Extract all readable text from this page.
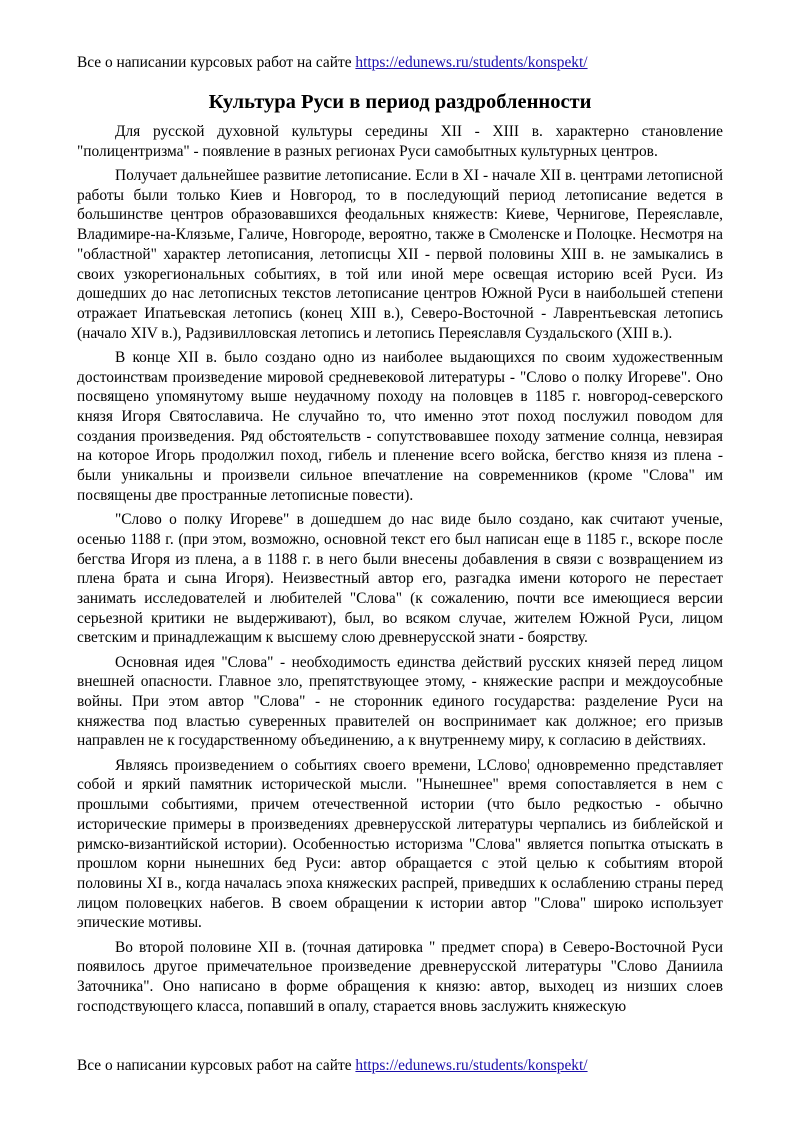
Все о написании курсовых работ на сайте https://edunews.ru/students/konspekt/
Культура Руси в период раздробленности

Для русской духовной культуры середины XII - XIII в. характерно становление "полицентризма" - появление в разных регионах Руси самобытных культурных центров.

Получает дальнейшее развитие летописание. Если в XI - начале XII в. центрами летописной работы были только Киев и Новгород, то в последующий период летописание ведется в большинстве центров образовавшихся феодальных княжеств: Киеве, Чернигове, Переяславле, Владимире-на-Клязьме, Галиче, Новгороде, вероятно, также в Смоленске и Полоцке. Несмотря на "областной" характер летописания, летописцы XII - первой половины XIII в. не замыкались в своих узкорегиональных событиях, в той или иной мере освещая историю всей Руси. Из дошедших до нас летописных текстов летописание центров Южной Руси в наибольшей степени отражает Ипатьевская летопись (конец XIII в.), Северо-Восточной - Лаврентьевская летопись (начало XIV в.), Радзивилловская летопись и летопись Переяславля Суздальского (XIII в.).

В конце XII в. было создано одно из наиболее выдающихся по своим художественным достоинствам произведение мировой средневековой литературы - "Слово о полку Игореве". Оно посвящено упомянутому выше неудачному походу на половцев в 1185 г. новгород-северского князя Игоря Святославича. Не случайно то, что именно этот поход послужил поводом для создания произведения. Ряд обстоятельств - сопутствовавшее походу затмение солнца, невзирая на которое Игорь продолжил поход, гибель и пленение всего войска, бегство князя из плена - были уникальны и произвели сильное впечатление на современников (кроме "Слова" им посвящены две пространные летописные повести).

"Слово о полку Игореве" в дошедшем до нас виде было создано, как считают ученые, осенью 1188 г. (при этом, возможно, основной текст его был написан еще в 1185 г., вскоре после бегства Игоря из плена, а в 1188 г. в него были внесены добавления в связи с возвращением из плена брата и сына Игоря). Неизвестный автор его, разгадка имени которого не перестает занимать исследователей и любителей "Слова" (к сожалению, почти все имеющиеся версии серьезной критики не выдерживают), был, во всяком случае, жителем Южной Руси, лицом светским и принадлежащим к высшему слою древнерусской знати - боярству.

Основная идея "Слова" - необходимость единства действий русских князей перед лицом внешней опасности. Главное зло, препятствующее этому, - княжеские распри и междоусобные войны. При этом автор "Слова" - не сторонник единого государства: разделение Руси на княжества под властью суверенных правителей он воспринимает как должное; его призыв направлен не к государственному объединению, а к внутреннему миру, к согласию в действиях.

Являясь произведением о событиях своего времени, LСлово¦ одновременно представляет собой и яркий памятник исторической мысли. "Нынешнее" время сопоставляется в нем с прошлыми событиями, причем отечественной истории (что было редкостью - обычно исторические примеры в произведениях древнерусской литературы черпались из библейской и римско-византийской истории). Особенностью историзма "Слова" является попытка отыскать в прошлом корни нынешних бед Руси: автор обращается с этой целью к событиям второй половины XI в., когда началась эпоха княжеских распрей, приведших к ослаблению страны перед лицом половецких набегов. В своем обращении к истории автор "Слова" широко использует эпические мотивы.

Во второй половине XII в. (точная датировка " предмет спора) в Северо-Восточной Руси появилось другое примечательное произведение древнерусской литературы "Слово Даниила Заточника". Оно написано в форме обращения к князю: автор, выходец из низших слоев господствующего класса, попавший в опалу, старается вновь заслужить княжескую

Все о написании курсовых работ на сайте https://edunews.ru/students/konspekt/
